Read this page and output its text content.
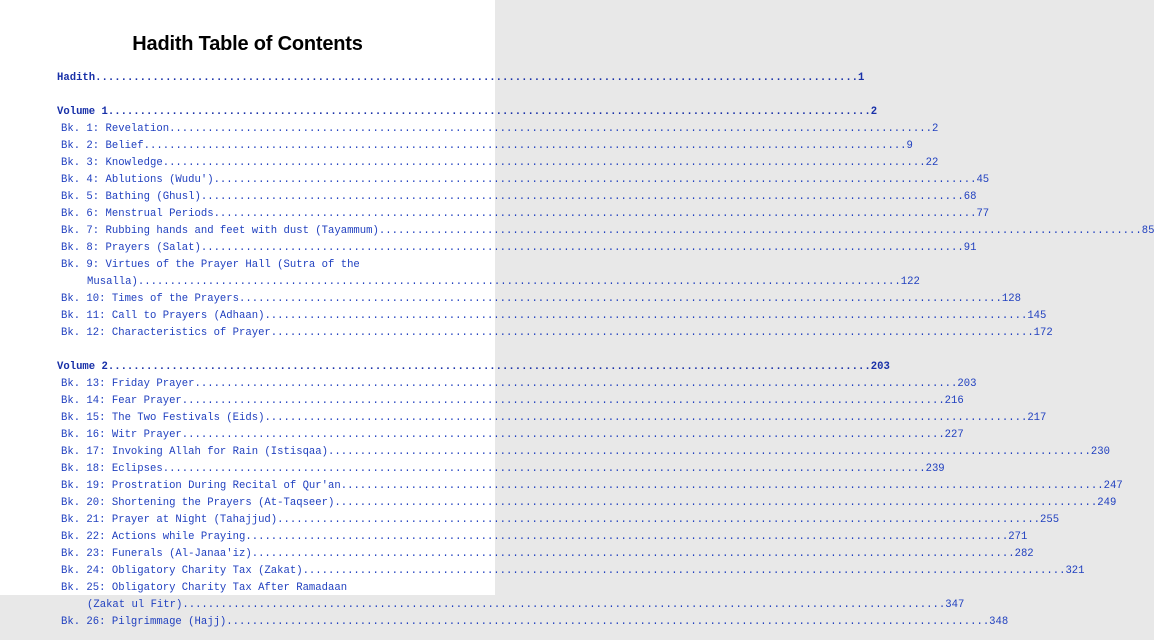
Hadith Table of Contents
Hadith ........................................................................................................................ 1
Volume 1 ........................................................................................................................ 2
Bk. 1: Revelation ........................................................................................................................ 2
Bk. 2: Belief ........................................................................................................................ 9
Bk. 3: Knowledge ........................................................................................................................ 22
Bk. 4: Ablutions (Wudu') ........................................................................................................................ 45
Bk. 5: Bathing (Ghusl) ........................................................................................................................ 68
Bk. 6: Menstrual Periods ........................................................................................................................ 77
Bk. 7: Rubbing hands and feet with dust (Tayammum) ........................................................................................................................ 85
Bk. 8: Prayers (Salat) ........................................................................................................................ 91
Bk. 9: Virtues of the Prayer Hall (Sutra of the
Musalla) ........................................................................................................................ 122
Bk. 10: Times of the Prayers ........................................................................................................................ 128
Bk. 11: Call to Prayers (Adhaan) ........................................................................................................................ 145
Bk. 12: Characteristics of Prayer ........................................................................................................................ 172
Volume 2 ........................................................................................................................ 203
Bk. 13: Friday Prayer ........................................................................................................................ 203
Bk. 14: Fear Prayer ........................................................................................................................ 216
Bk. 15: The Two Festivals (Eids) ........................................................................................................................ 217
Bk. 16: Witr Prayer ........................................................................................................................ 227
Bk. 17: Invoking Allah for Rain (Istisqaa) ........................................................................................................................ 230
Bk. 18: Eclipses ........................................................................................................................ 239
Bk. 19: Prostration During Recital of Qur'an ........................................................................................................................ 247
Bk. 20: Shortening the Prayers (At-Taqseer) ........................................................................................................................ 249
Bk. 21: Prayer at Night (Tahajjud) ........................................................................................................................ 255
Bk. 22: Actions while Praying ........................................................................................................................ 271
Bk. 23: Funerals (Al-Janaa'iz) ........................................................................................................................ 282
Bk. 24: Obligatory Charity Tax (Zakat) ........................................................................................................................ 321
Bk. 25: Obligatory Charity Tax After Ramadaan
(Zakat ul Fitr) ........................................................................................................................ 347
Bk. 26: Pilgrimmage (Hajj) ........................................................................................................................ 348
